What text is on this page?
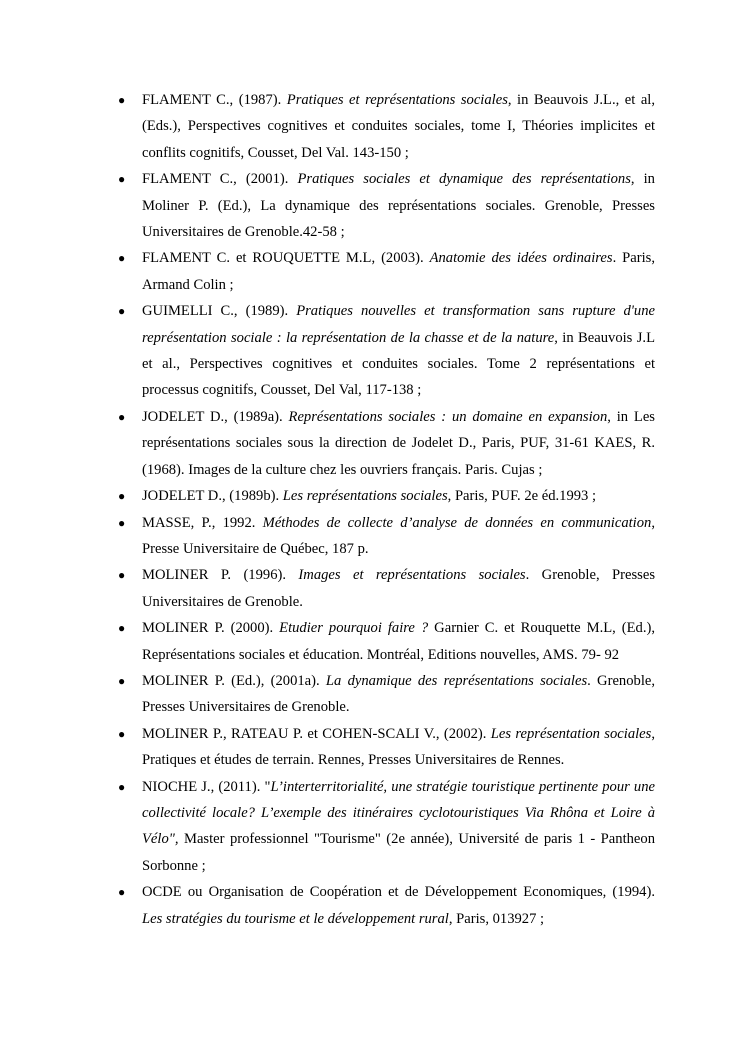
● FLAMENT C., (1987). Pratiques et représentations sociales, in Beauvois J.L., et al, (Eds.), Perspectives cognitives et conduites sociales, tome I, Théories implicites et conflits cognitifs, Cousset, Del Val. 143-150 ;
● FLAMENT C., (2001). Pratiques sociales et dynamique des représentations, in Moliner P. (Ed.), La dynamique des représentations sociales. Grenoble, Presses Universitaires de Grenoble.42-58 ;
● FLAMENT C. et ROUQUETTE M.L, (2003). Anatomie des idées ordinaires. Paris, Armand Colin ;
● GUIMELLI C., (1989). Pratiques nouvelles et transformation sans rupture d'une représentation sociale : la représentation de la chasse et de la nature, in Beauvois J.L et al., Perspectives cognitives et conduites sociales. Tome 2 représentations et processus cognitifs, Cousset, Del Val, 117-138 ;
● JODELET D., (1989a). Représentations sociales : un domaine en expansion, in Les représentations sociales sous la direction de Jodelet D., Paris, PUF, 31-61 KAES, R. (1968). Images de la culture chez les ouvriers français. Paris. Cujas ;
● JODELET D., (1989b). Les représentations sociales, Paris, PUF. 2e éd.1993 ;
● MASSE, P., 1992. Méthodes de collecte d’analyse de données en communication, Presse Universitaire de Québec, 187 p.
● MOLINER P. (1996). Images et représentations sociales. Grenoble, Presses Universitaires de Grenoble.
● MOLINER P. (2000). Etudier pourquoi faire ? Garnier C. et Rouquette M.L, (Ed.), Représentations sociales et éducation. Montréal, Editions nouvelles, AMS. 79- 92
● MOLINER P. (Ed.), (2001a). La dynamique des représentations sociales. Grenoble, Presses Universitaires de Grenoble.
● MOLINER P., RATEAU P. et COHEN-SCALI V., (2002). Les représentation sociales, Pratiques et études de terrain. Rennes, Presses Universitaires de Rennes.
● NIOCHE J., (2011). "L’interterritorialité, une stratégie touristique pertinente pour une collectivité locale? L’exemple des itinéraires cyclotouristiques Via Rhôna et Loire à Vélo", Master professionnel "Tourisme" (2e année), Université de paris 1 - Pantheon Sorbonne ;
● OCDE ou Organisation de Coopération et de Développement Economiques, (1994). Les stratégies du tourisme et le développement rural, Paris, 013927 ;
